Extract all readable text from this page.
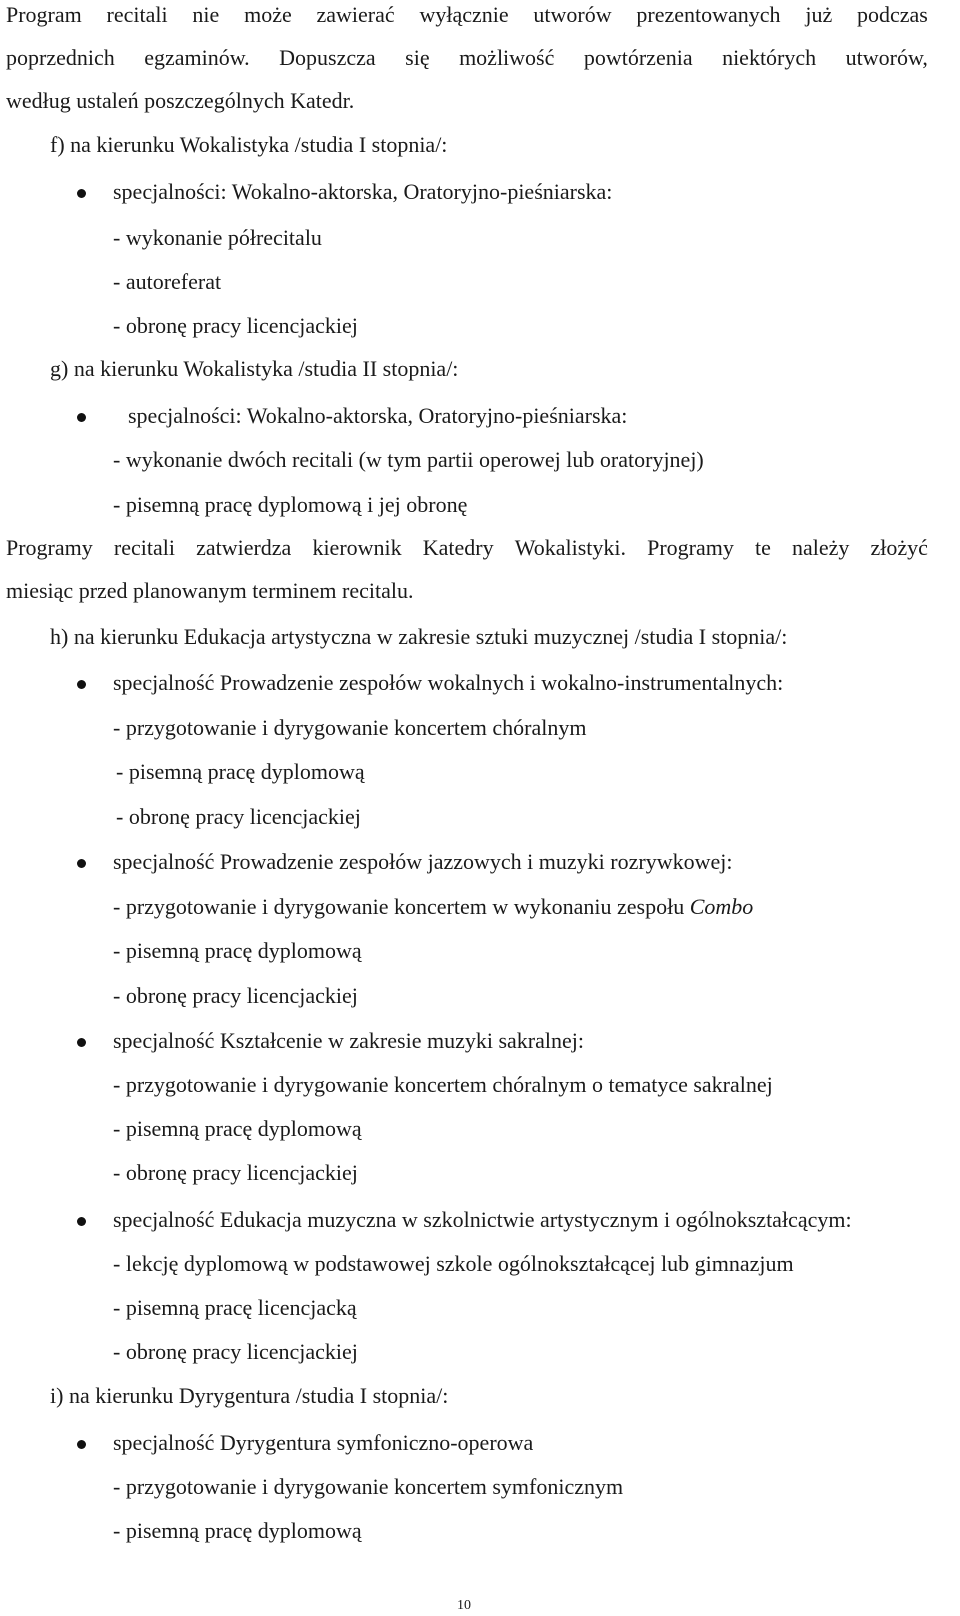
Program recitali nie może zawierać wyłącznie utworów prezentowanych już podczas
poprzednich egzaminów. Dopuszcza się możliwość powtórzenia niektórych utworów,

według ustaleń poszczególnych Katedr.

f) na kierunku Wokalistyka /studia I stopnia/:

specjalności: Wokalno-aktorska, Oratoryjno-pieśniarska:

- wykonanie półrecitalu

- autoreferat

- obronę pracy licencjackiej

g) na kierunku Wokalistyka /studia II stopnia/:

specjalności: Wokalno-aktorska, Oratoryjno-pieśniarska:

- wykonanie dwóch recitali (w tym partii operowej lub oratoryjnej)

- pisemną pracę dyplomową i jej obronę

Programy recitali zatwierdza kierownik Katedry Wokalistyki. Programy te należy złożyć

miesiąc przed planowanym terminem recitalu.

h) na kierunku Edukacja artystyczna w zakresie sztuki muzycznej /studia I stopnia/:

specjalność Prowadzenie zespołów wokalnych i wokalno-instrumentalnych:

- przygotowanie i dyrygowanie koncertem chóralnym

- pisemną pracę dyplomową

- obronę pracy licencjackiej

specjalność Prowadzenie zespołów jazzowych i muzyki rozrywkowej:

- przygotowanie i dyrygowanie koncertem w wykonaniu zespołu Combo

- pisemną pracę dyplomową

- obronę pracy licencjackiej

specjalność Kształcenie w zakresie muzyki sakralnej:

- przygotowanie i dyrygowanie koncertem chóralnym o tematyce sakralnej

- pisemną pracę dyplomową

- obronę pracy licencjackiej

specjalność Edukacja muzyczna w szkolnictwie artystycznym i ogólnokształcącym:

- lekcję dyplomową w podstawowej szkole ogólnokształcącej lub gimnazjum

- pisemną pracę licencjacką

- obronę pracy licencjackiej

i) na kierunku Dyrygentura /studia I stopnia/:

specjalność Dyrygentura symfoniczno-operowa

- przygotowanie i dyrygowanie koncertem symfonicznym

- pisemną pracę dyplomową

10
